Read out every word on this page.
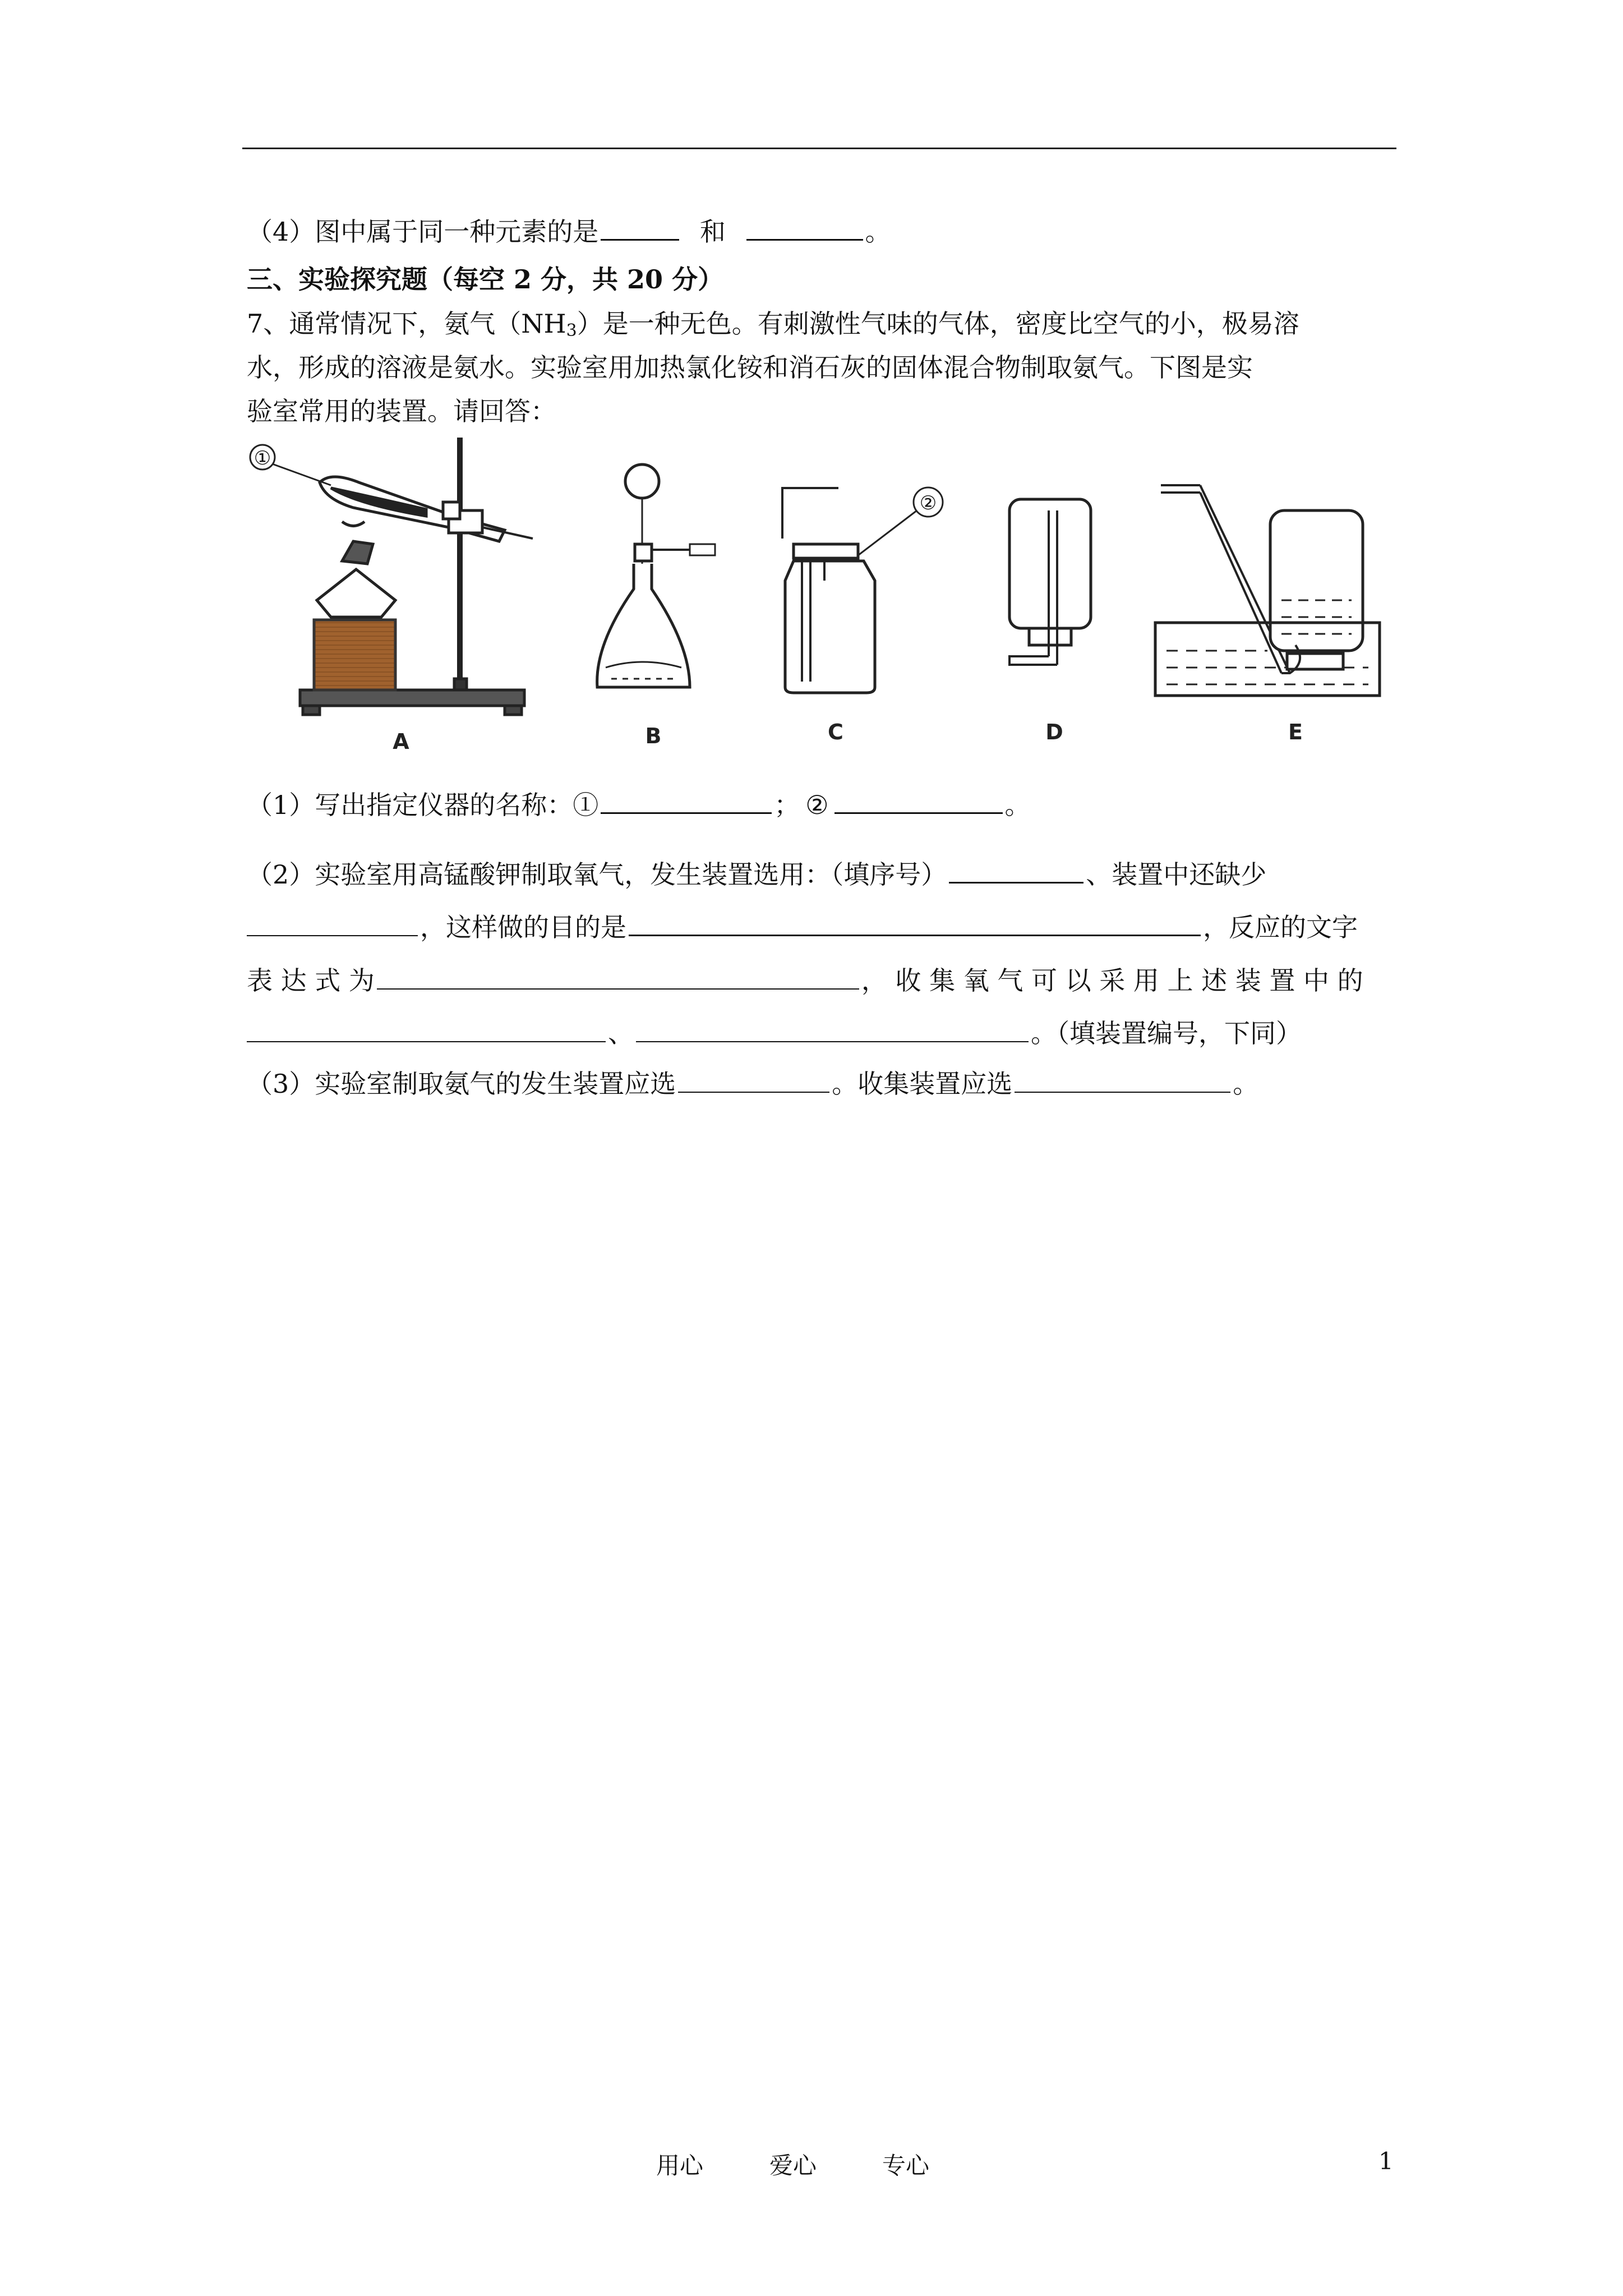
（4）图中属于同一种元素的是	和	。
三、实验探究题（每空 2 分，共 20 分）
7、通常情况下，氨气$(NH_3)$是一种无色。有刺激性气味的气体，密度比空气的小，极易溶
水，形成的溶液是氨水。实验室用加热氯化铵和消石灰的固体混合物制取氨气。下图是实
验室常用的装置。请回答：
①
②
A	B	C	D	E
（1）写出指定仪器的名称：①	； ②	。
（2）实验室用高锰酸钾制取氧气，发生装置选用：（填序号）	、装置中还缺少
，这样做的目的是	，反应的文字
表 达 式 为	， 收 集 氧 气 可 以 采 用 上 述 装 置 中 的
、	。（填装置编号，下同）
（3）实验室制取氨气的发生装置应选	。收集装置应选	。
用心	爱心	专心	1
